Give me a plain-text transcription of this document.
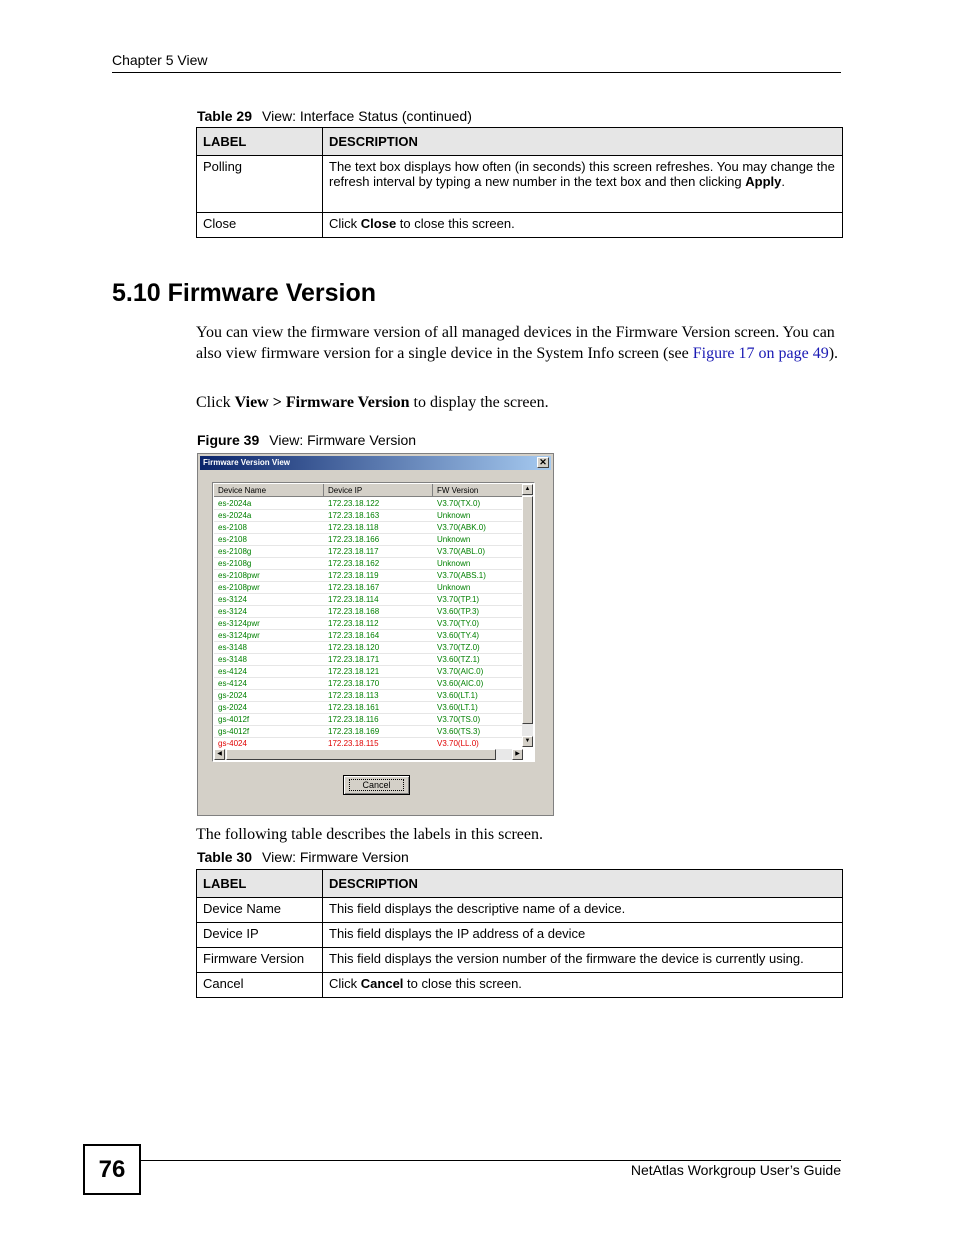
Chapter 5 View
Table 29 View: Interface Status (continued)
LABEL	DESCRIPTION
Polling	The text box displays how often (in seconds) this screen refreshes. You may change the refresh interval by typing a new number in the text box and then clicking Apply.
Close	Click Close to close this screen.
5.10 Firmware Version
You can view the firmware version of all managed devices in the Firmware Version screen. You can also view firmware version for a single device in the System Info screen (see Figure 17 on page 49).
Click View > Firmware Version to display the screen.
Figure 39 View: Firmware Version
Firmware Version View	✕
Device Name	Device IP	FW Version
es-2024a	172.23.18.122	V3.70(TX.0)
es-2024a	172.23.18.163	Unknown
es-2108	172.23.18.118	V3.70(ABK.0)
es-2108	172.23.18.166	Unknown
es-2108g	172.23.18.117	V3.70(ABL.0)
es-2108g	172.23.18.162	Unknown
es-2108pwr	172.23.18.119	V3.70(ABS.1)
es-2108pwr	172.23.18.167	Unknown
es-3124	172.23.18.114	V3.70(TP.1)
es-3124	172.23.18.168	V3.60(TP.3)
es-3124pwr	172.23.18.112	V3.70(TY.0)
es-3124pwr	172.23.18.164	V3.60(TY.4)
es-3148	172.23.18.120	V3.70(TZ.0)
es-3148	172.23.18.171	V3.60(TZ.1)
es-4124	172.23.18.121	V3.70(AIC.0)
es-4124	172.23.18.170	V3.60(AIC.0)
gs-2024	172.23.18.113	V3.60(LT.1)
gs-2024	172.23.18.161	V3.60(LT.1)
gs-4012f	172.23.18.116	V3.70(TS.0)
gs-4012f	172.23.18.169	V3.60(TS.3)
gs-4024	172.23.18.115	V3.70(LL.0)
▲
▼
◀	▶
Cancel
The following table describes the labels in this screen.
Table 30 View: Firmware Version
LABEL	DESCRIPTION
Device Name	This field displays the descriptive name of a device.
Device IP	This field displays the IP address of a device
Firmware Version	This field displays the version number of the firmware the device is currently using.
Cancel	Click Cancel to close this screen.
76	NetAtlas Workgroup User’s Guide
